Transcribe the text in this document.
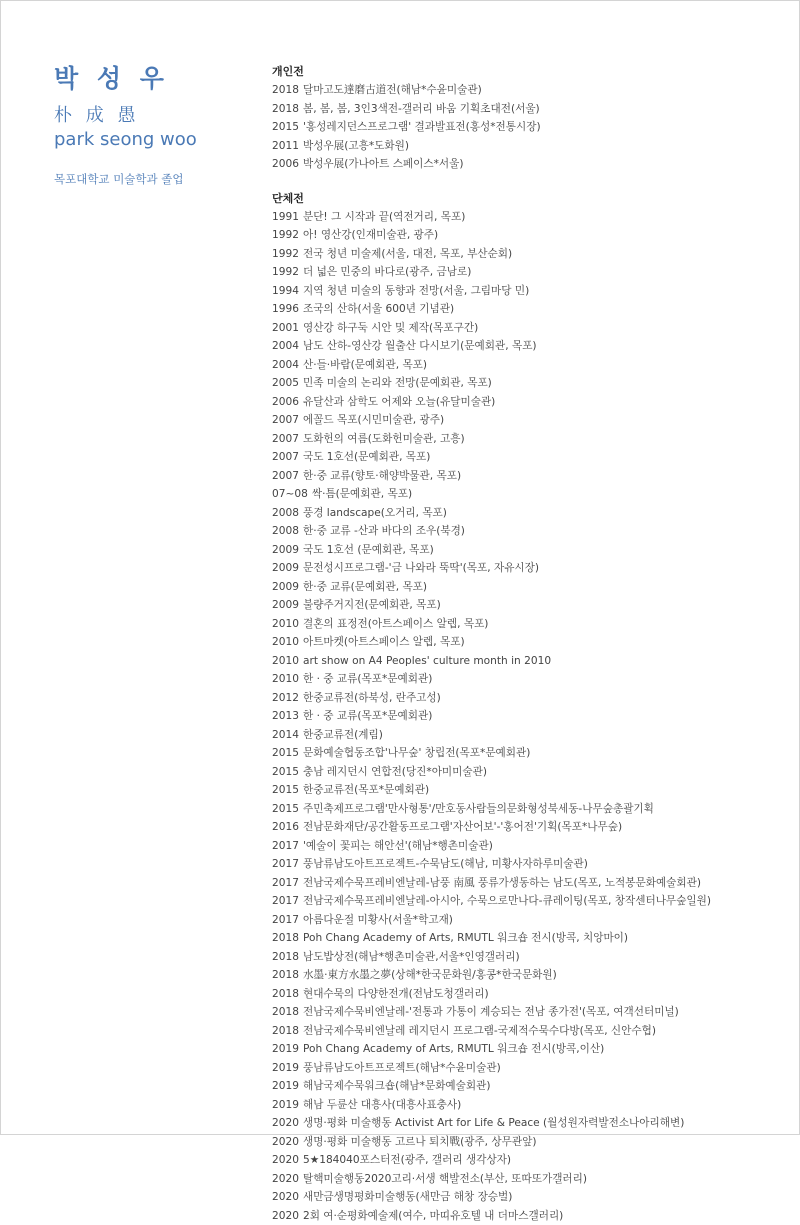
박 성 우
朴 成 愚
park seong woo
목포대학교 미술학과 졸업
개인전
2018 달마고도達磨古道전(해남*수윤미술관)
2018 봄, 봄, 봄, 3인3색전-갤러리 바움 기획초대전(서울)
2015 '홍성레지던스프로그램' 결과발표전(홍성*전통시장)
2011 박성우展(고흥*도화원)
2006 박성우展(가나아트 스페이스*서울)
단체전
1991 분단! 그 시작과 끝(역전거리, 목포)
1992 아! 영산강(인재미술관, 광주)
1992 전국 청년 미술제(서울, 대전, 목포, 부산순회)
1992 더 넓은 민중의 바다로(광주, 금남로)
1994 지역 청년 미술의 동향과 전망(서울, 그림마당 민)
1996 조국의 산하(서울 600년 기념관)
2001 영산강 하구둑 시안 및 제작(목포구간)
2004 남도 산하-영산강 월출산 다시보기(문예회관, 목포)
2004 산·들·바람(문예회관, 목포)
2005 민족 미술의 논리와 전망(문예회관, 목포)
2006 유달산과 삼학도 어제와 오늘(유달미술관)
2007 에꼴드 목포(시민미술관, 광주)
2007 도화헌의 여름(도화헌미술관, 고흥)
2007 국도 1호선(문예회관, 목포)
2007 한·중 교류(향토·해양박물관, 목포)
07~08 싹·틈(문예회관, 목포)
2008 풍경 landscape(오거리, 목포)
2008 한·중 교류 -산과 바다의 조우(북경)
2009 국도 1호선 (문예회관, 목포)
2009 문전성시프로그램-'금 나와라 뚝딱'(목포, 자유시장)
2009 한·중 교류(문예회관, 목포)
2009 불량주거지전(문예회관, 목포)
2010 결혼의 표정전(아트스페이스 알렙, 목포)
2010 아트마켓(아트스페이스 알렙, 목포)
2010 art show on A4 Peoples' culture month in 2010
2010 한 · 중 교류(목포*문예회관)
2012 한중교류전(하북성, 란주고성)
2013 한 · 중 교류(목포*문예회관)
2014 한중교류전(계림)
2015 문화예술협동조합'나무숲' 창립전(목포*문예회관)
2015 충남 레지던시 연합전(당진*아미미술관)
2015 한중교류전(목포*문예회관)
2015 주민축제프로그램'만사형통'/만호동사람들의문화형성북세동-나무숲총괄기획
2016 전남문화재단/공간활동프로그램'자산어보'-'홍어전'기획(목포*나무숲)
2017 '예술이 꽃피는 해안선'(해남*행촌미술관)
2017 풍남류남도아트프로젝트-수묵남도(해남, 미황사자하루미술관)
2017 전남국제수묵프레비엔날레-남풍 南風 풍류가생동하는 남도(목포, 노적봉문화예술회관)
2017 전남국제수묵프레비엔날레-아시아, 수묵으로만나다-큐레이팅(목포, 창작센터나무숲일원)
2017 아름다운절 미황사(서울*학고재)
2018 Poh Chang Academy of Arts, RMUTL 워크숍 전시(방콕, 치앙마이)
2018 남도밥상전(해남*행촌미술관,서울*인영갤러리)
2018 水墨·東方水墨之夢(상해*한국문화원/홍콩*한국문화원)
2018 현대수묵의 다양한전개(전남도청갤러리)
2018 전남국제수묵비엔날레-'전통과 가통이 계승되는 전남 종가전'(목포, 여객선터미널)
2018 전남국제수묵비엔날레 레지던시 프로그램-국제적수묵수다방(목포, 신안수협)
2019 Poh Chang Academy of Arts, RMUTL 워크숍 전시(방콕,이산)
2019 풍남류남도아트프로젝트(해남*수윤미술관)
2019 해남국제수묵워크숍(해남*문화예술회관)
2019 해남 두륜산 대흥사(대흥사표충사)
2020 생명·평화 미술행동 Activist Art for Life & Peace (월성원자력발전소나아리해변)
2020 생명·평화 미술행동 고르나 퇴치戰(광주, 상무관앞)
2020 5★184040포스터전(광주, 갤러리 생각상자)
2020 탈핵미술행동2020고리·서생 핵발전소(부산, 또따또가갤러리)
2020 새만금생명평화미술행동(새만금 해창 장승벌)
2020 2회 여·순평화예술제(여수, 마띠유호텔 내 더마스갤러리)
